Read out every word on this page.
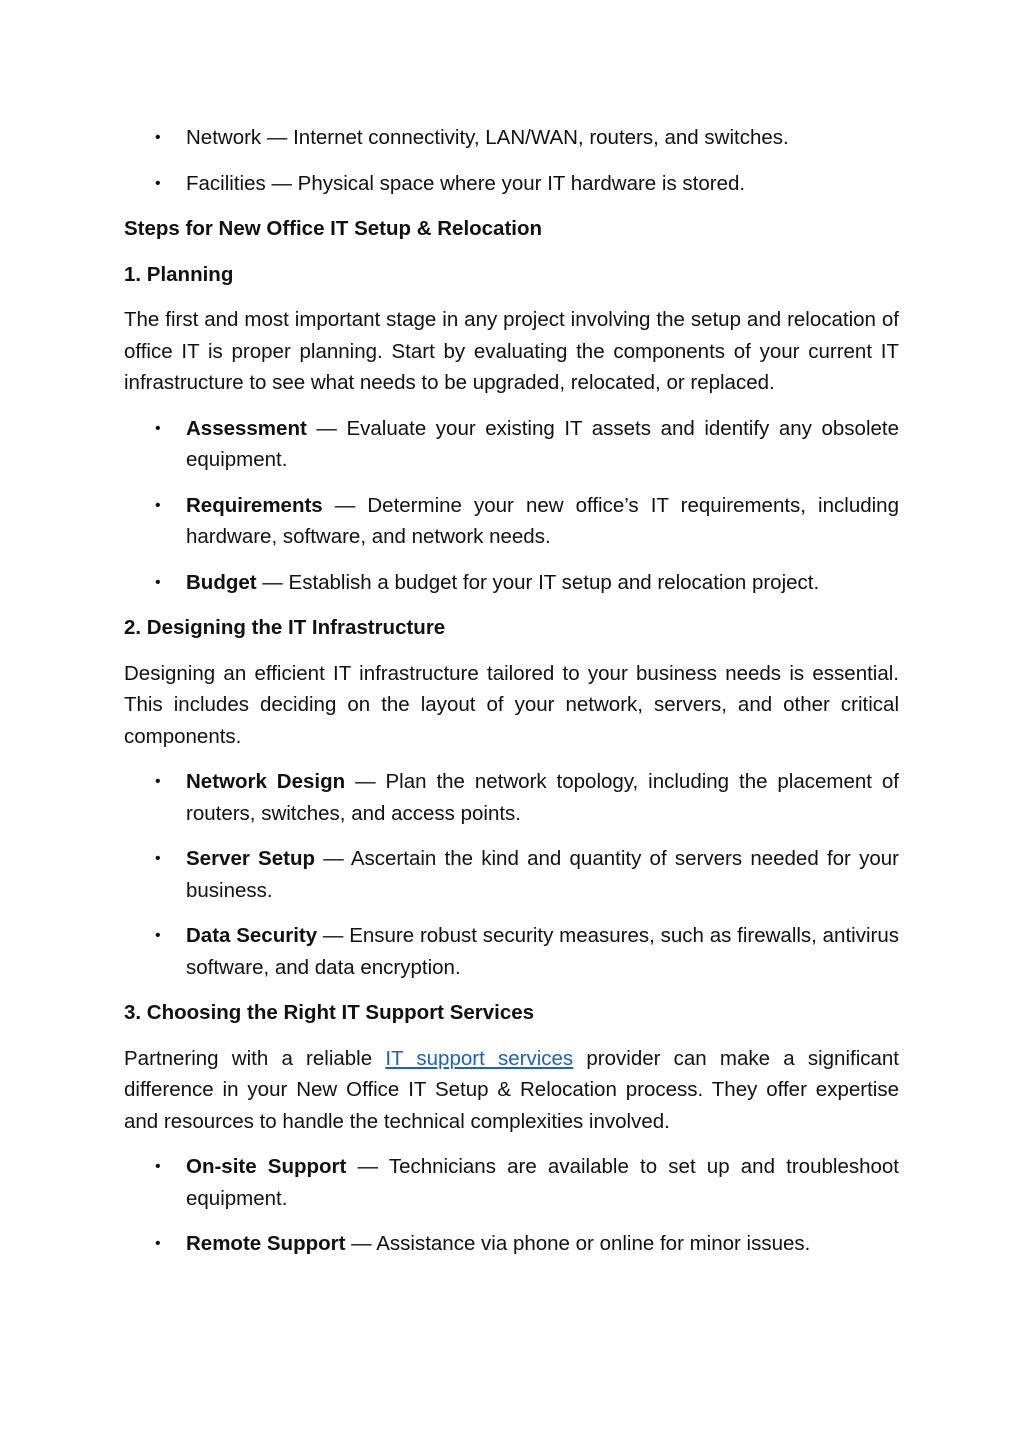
• Network — Internet connectivity, LAN/WAN, routers, and switches.
• Facilities — Physical space where your IT hardware is stored.

Steps for New Office IT Setup & Relocation

1. Planning

The first and most important stage in any project involving the setup and relocation of office IT is proper planning. Start by evaluating the components of your current IT infrastructure to see what needs to be upgraded, relocated, or replaced.

• Assessment — Evaluate your existing IT assets and identify any obsolete equipment.
• Requirements — Determine your new office’s IT requirements, including hardware, software, and network needs.
• Budget — Establish a budget for your IT setup and relocation project.

2. Designing the IT Infrastructure

Designing an efficient IT infrastructure tailored to your business needs is essential. This includes deciding on the layout of your network, servers, and other critical components.

• Network Design — Plan the network topology, including the placement of routers, switches, and access points.
• Server Setup — Ascertain the kind and quantity of servers needed for your business.
• Data Security — Ensure robust security measures, such as firewalls, antivirus software, and data encryption.

3. Choosing the Right IT Support Services

Partnering with a reliable IT support services provider can make a significant difference in your New Office IT Setup & Relocation process. They offer expertise and resources to handle the technical complexities involved.

• On-site Support — Technicians are available to set up and troubleshoot equipment.
• Remote Support — Assistance via phone or online for minor issues.
